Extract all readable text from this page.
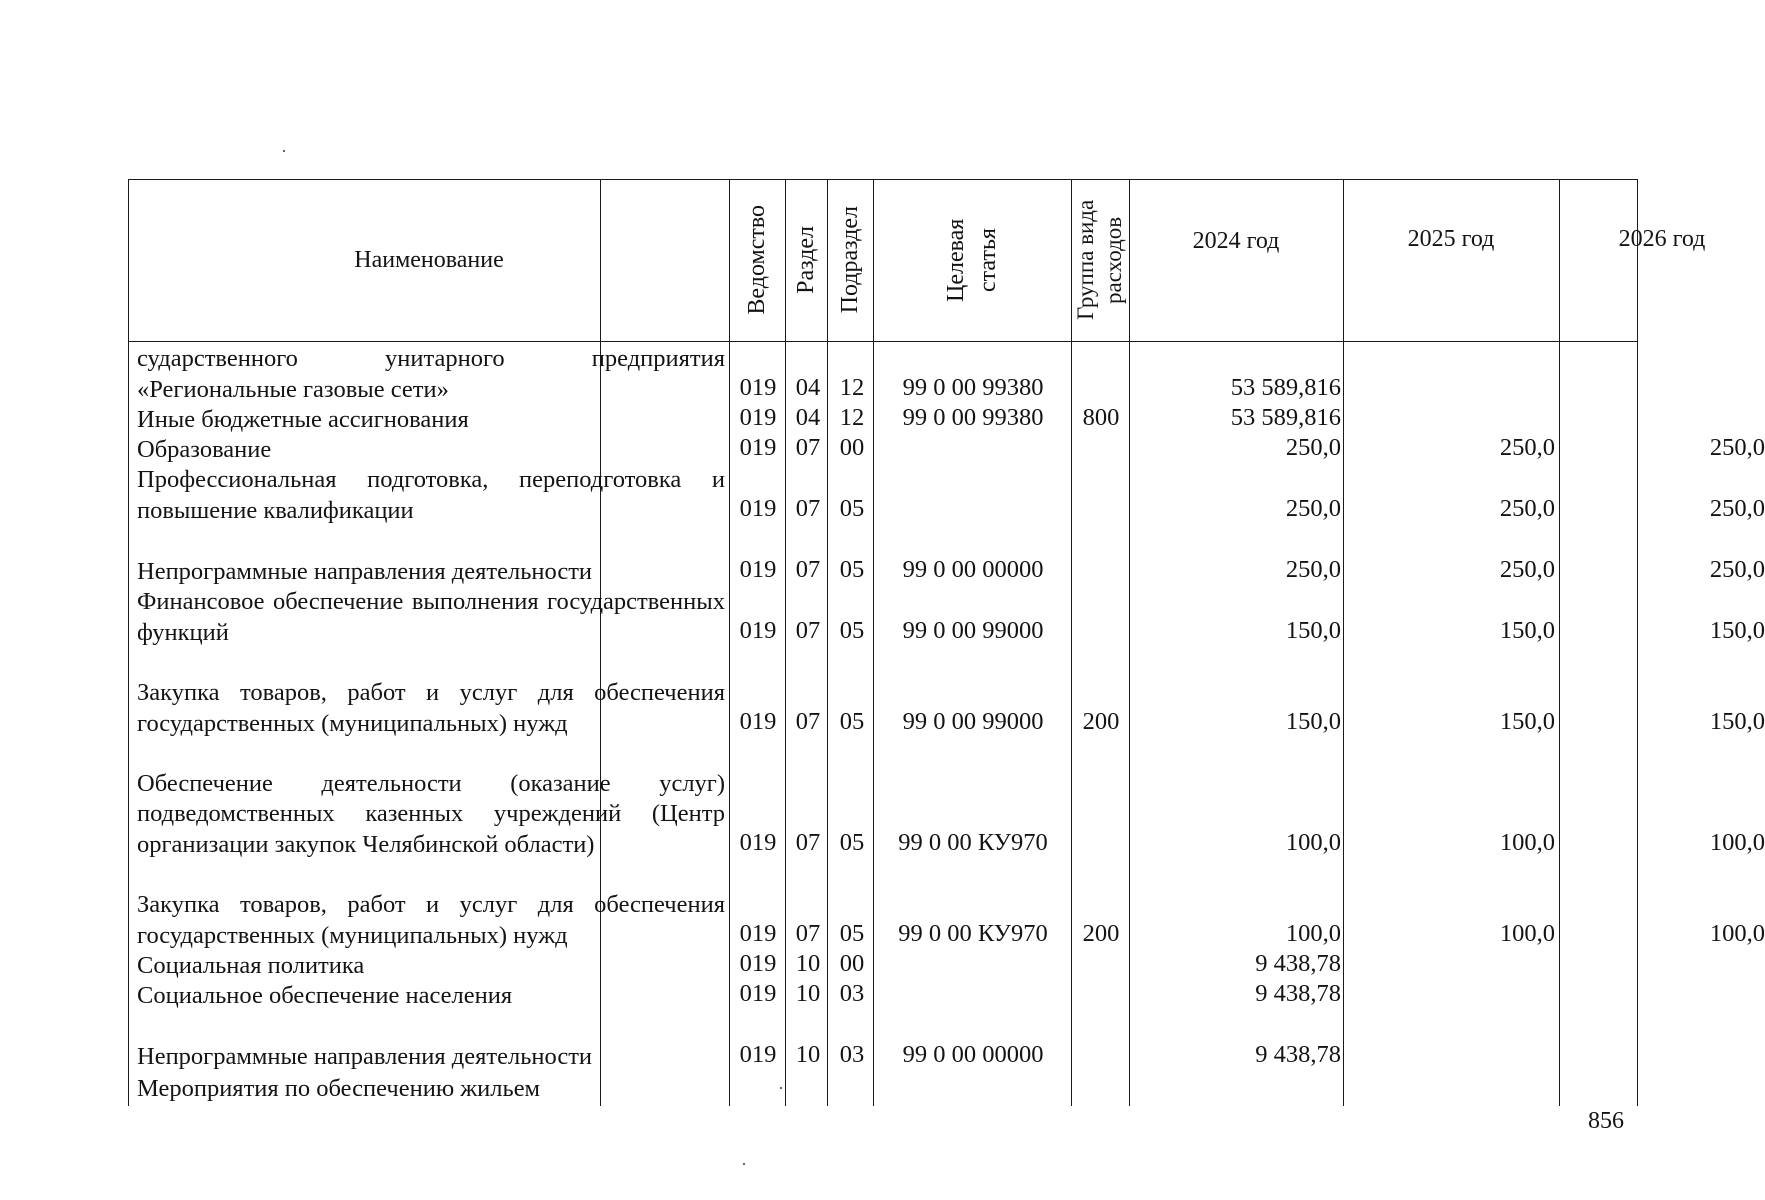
Наименование	Ведомство Раздел Подраздел	Целевая статья	Группа вида расходов	2024 год	2025 год	2026 год
сударственного унитарного предприятия «Региональные газовые сети»	019 04 12	99 0 00 99380	53 589,816
Иные бюджетные ассигнования	019 04 12	99 0 00 99380	800	53 589,816
Образование	019 07 00	250,0	250,0	250,0
Профессиональная подготовка, переподготовка и повышение квалификации	019 07 05	250,0	250,0	250,0
Непрограммные направления деятельности	019 07 05	99 0 00 00000	250,0	250,0	250,0
Финансовое обеспечение выполнения государственных функций	019 07 05	99 0 00 99000	150,0	150,0	150,0
Закупка товаров, работ и услуг для обеспечения государственных (муниципальных) нужд	019 07 05	99 0 00 99000	200	150,0	150,0	150,0
Обеспечение деятельности (оказание услуг) подведомственных казенных учреждений (Центр организации закупок Челябинской области)	019 07 05	99 0 00 КУ970	100,0	100,0	100,0
Закупка товаров, работ и услуг для обеспечения государственных (муниципальных) нужд	019 07 05	99 0 00 КУ970	200	100,0	100,0	100,0
Социальная политика	019 10 00	9 438,78
Социальное обеспечение населения	019 10 03	9 438,78
Непрограммные направления деятельности	019 10 03	99 0 00 00000	9 438,78
Мероприятия по обеспечению жильем
856
